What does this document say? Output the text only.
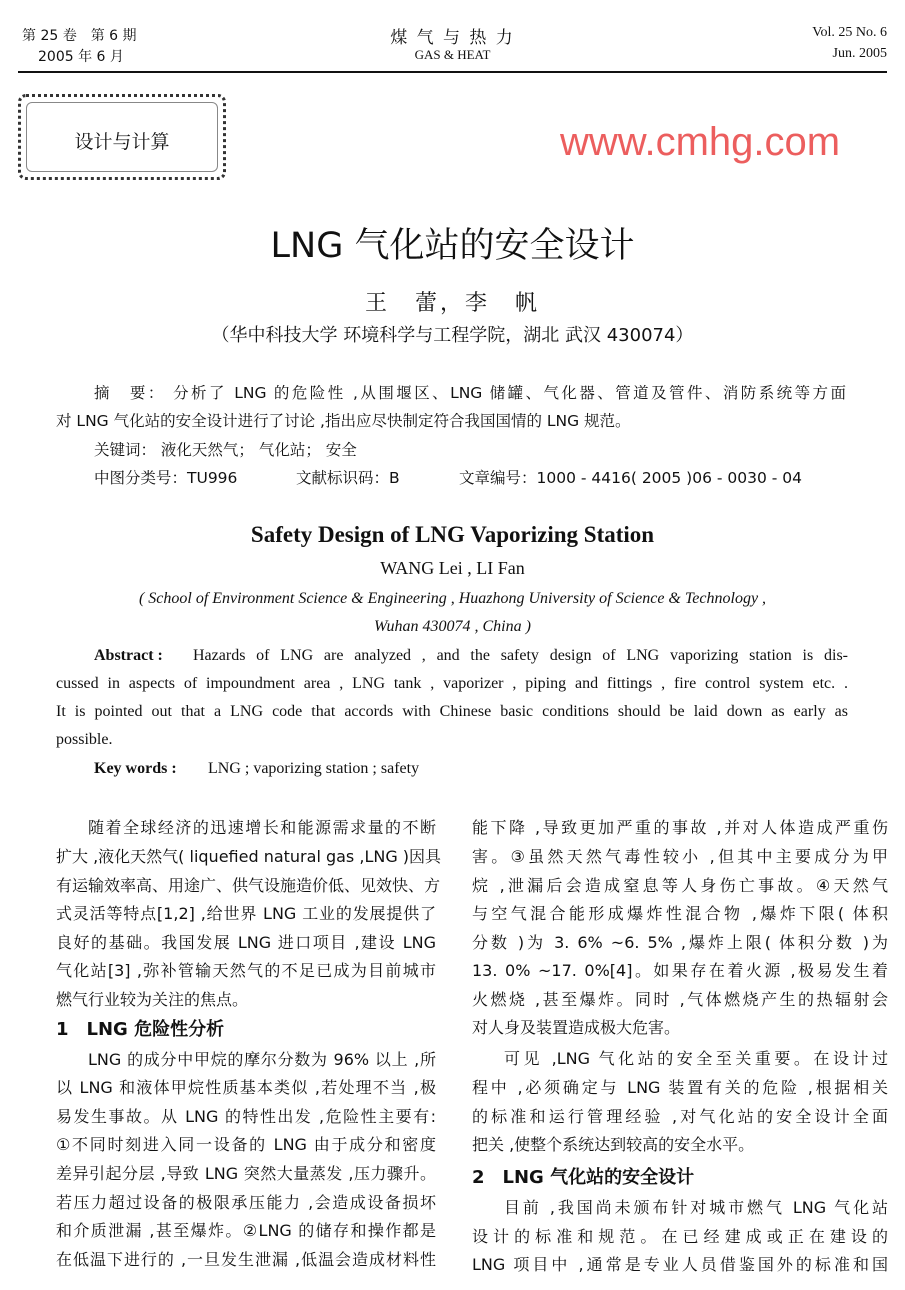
第 25 卷　第 6 期
2005 年 6 月
煤 气 与 热 力
GAS & HEAT
Vol. 25 No. 6
Jun. 2005
设计与计算
LNG 气化站的安全设计
王　蕾，李　帆
（华中科技大学 环境科学与工程学院，湖北 武汉 430074）
摘　要： 分析了 LNG 的危险性 ,从围堰区、LNG 储罐、气化器、管道及管件、消防系统等方面
对 LNG 气化站的安全设计进行了讨论 ,指出应尽快制定符合我国国情的 LNG 规范。
关键词： 液化天然气； 气化站； 安全
中图分类号：TU996	文献标识码：B	文章编号：1000 - 4416( 2005 )06 - 0030 - 04
Safety Design of LNG Vaporizing Station
WANG Lei , LI Fan
( School of Environment Science & Engineering , Huazhong University of Science & Technology ,
Wuhan 430074 , China )
Abstract : Hazards of LNG are analyzed , and the safety design of LNG vaporizing station is dis-
cussed in aspects of impoundment area , LNG tank , vaporizer , piping and fittings , fire control system etc. .
It is pointed out that a LNG code that accords with Chinese basic conditions should be laid down as early as
possible.
Key words : LNG ; vaporizing station ; safety
随着全球经济的迅速增长和能源需求量的不断
扩大 ,液化天然气( liquefied natural gas ,LNG )因具
有运输效率高、用途广、供气设施造价低、见效快、方
式灵活等特点[1,2] ,给世界 LNG 工业的发展提供了
良好的基础。我国发展 LNG 进口项目 ,建设 LNG
气化站[3] ,弥补管输天然气的不足已成为目前城市
燃气行业较为关注的焦点。
1　LNG 危险性分析
LNG 的成分中甲烷的摩尔分数为 96% 以上 ,所
以 LNG 和液体甲烷性质基本类似 ,若处理不当 ,极
易发生事故。从 LNG 的特性出发 ,危险性主要有:
①不同时刻进入同一设备的 LNG 由于成分和密度
差异引起分层 ,导致 LNG 突然大量蒸发 ,压力骤升。
若压力超过设备的极限承压能力 ,会造成设备损坏
和介质泄漏 ,甚至爆炸。②LNG 的储存和操作都是
在低温下进行的 ,一旦发生泄漏 ,低温会造成材料性
能下降 ,导致更加严重的事故 ,并对人体造成严重伤
害。③虽然天然气毒性较小 ,但其中主要成分为甲
烷 ,泄漏后会造成窒息等人身伤亡事故。④天然气
与空气混合能形成爆炸性混合物 ,爆炸下限( 体积
分数 )为 3. 6% ~6. 5% ,爆炸上限( 体积分数 )为
13. 0% ~17. 0%[4]。如果存在着火源 ,极易发生着
火燃烧 ,甚至爆炸。同时 ,气体燃烧产生的热辐射会
对人身及装置造成极大危害。
可见 ,LNG 气化站的安全至关重要。在设计过
程中 ,必须确定与 LNG 装置有关的危险 ,根据相关
的标准和运行管理经验 ,对气化站的安全设计全面
把关 ,使整个系统达到较高的安全水平。
2　LNG 气化站的安全设计
目前 ,我国尚未颁布针对城市燃气 LNG 气化站
设计的标准和规范。在已经建成或正在建设的
LNG 项目中 ,通常是专业人员借鉴国外的标准和国
www.cmhg.com
